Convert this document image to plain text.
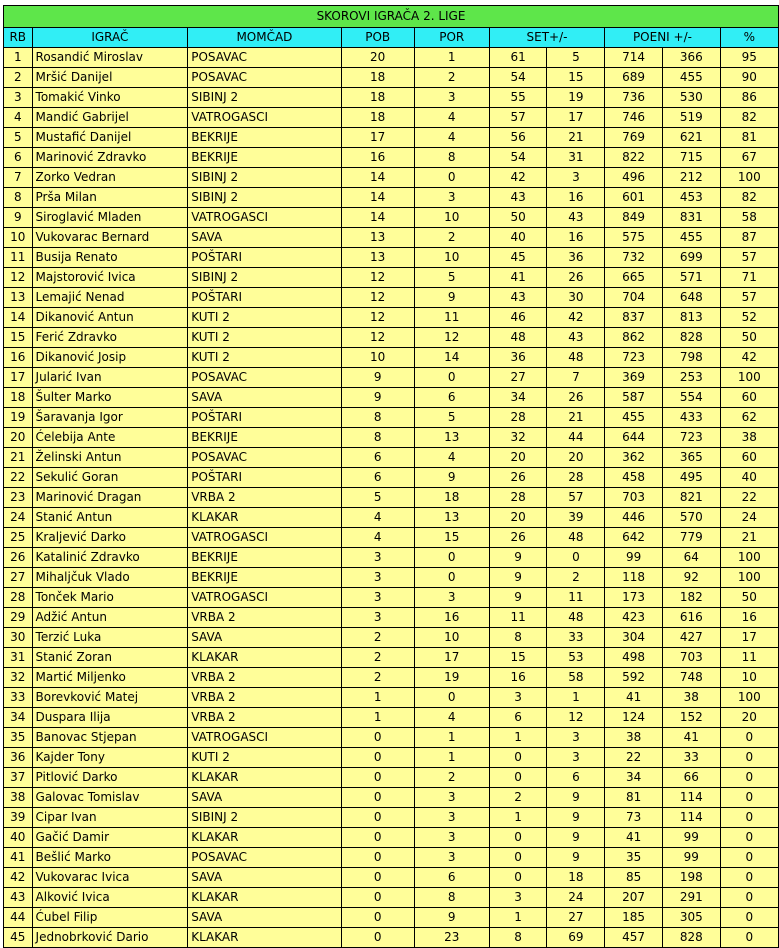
SKOROVI IGRAČA 2. LIGE									
RB	IGRAČ	MOMČAD	POB	POR	SET+/-		POENI +/-		%
1	Rosandić Miroslav	POSAVAC	20	1	61	5	714	366	95
2	Mršić Danijel	POSAVAC	18	2	54	15	689	455	90
3	Tomakić Vinko	SIBINJ 2	18	3	55	19	736	530	86
4	Mandić Gabrijel	VATROGASCI	18	4	57	17	746	519	82
5	Mustafić Danijel	BEKRIJE	17	4	56	21	769	621	81
6	Marinović Zdravko	BEKRIJE	16	8	54	31	822	715	67
7	Zorko Vedran	SIBINJ 2	14	0	42	3	496	212	100
8	Prša Milan	SIBINJ 2	14	3	43	16	601	453	82
9	Siroglavić Mladen	VATROGASCI	14	10	50	43	849	831	58
10	Vukovarac Bernard	SAVA	13	2	40	16	575	455	87
11	Busija Renato	POŠTARI	13	10	45	36	732	699	57
12	Majstorović Ivica	SIBINJ 2	12	5	41	26	665	571	71
13	Lemajić Nenad	POŠTARI	12	9	43	30	704	648	57
14	Dikanović Antun	KUTI 2	12	11	46	42	837	813	52
15	Ferić Zdravko	KUTI 2	12	12	48	43	862	828	50
16	Dikanović Josip	KUTI 2	10	14	36	48	723	798	42
17	Jularić Ivan	POSAVAC	9	0	27	7	369	253	100
18	Šulter Marko	SAVA	9	6	34	26	587	554	60
19	Šaravanja Igor	POŠTARI	8	5	28	21	455	433	62
20	Ćelebija Ante	BEKRIJE	8	13	32	44	644	723	38
21	Želinski Antun	POSAVAC	6	4	20	20	362	365	60
22	Sekulić Goran	POŠTARI	6	9	26	28	458	495	40
23	Marinović Dragan	VRBA 2	5	18	28	57	703	821	22
24	Stanić Antun	KLAKAR	4	13	20	39	446	570	24
25	Kraljević Darko	VATROGASCI	4	15	26	48	642	779	21
26	Katalinić Zdravko	BEKRIJE	3	0	9	0	99	64	100
27	Mihaljčuk Vlado	BEKRIJE	3	0	9	2	118	92	100
28	Tonček Mario	VATROGASCI	3	3	9	11	173	182	50
29	Adžić Antun	VRBA 2	3	16	11	48	423	616	16
30	Terzić Luka	SAVA	2	10	8	33	304	427	17
31	Stanić Zoran	KLAKAR	2	17	15	53	498	703	11
32	Martić Miljenko	VRBA 2	2	19	16	58	592	748	10
33	Borevković Matej	VRBA 2	1	0	3	1	41	38	100
34	Duspara Ilija	VRBA 2	1	4	6	12	124	152	20
35	Banovac Stjepan	VATROGASCI	0	1	1	3	38	41	0
36	Kajder Tony	KUTI 2	0	1	0	3	22	33	0
37	Pitlović Darko	KLAKAR	0	2	0	6	34	66	0
38	Galovac Tomislav	SAVA	0	3	2	9	81	114	0
39	Cipar Ivan	SIBINJ 2	0	3	1	9	73	114	0
40	Gačić Damir	KLAKAR	0	3	0	9	41	99	0
41	Bešlić Marko	POSAVAC	0	3	0	9	35	99	0
42	Vukovarac Ivica	SAVA	0	6	0	18	85	198	0
43	Alković Ivica	KLAKAR	0	8	3	24	207	291	0
44	Ćubel Filip	SAVA	0	9	1	27	185	305	0
45	Jednobrković Dario	KLAKAR	0	23	8	69	457	828	0
